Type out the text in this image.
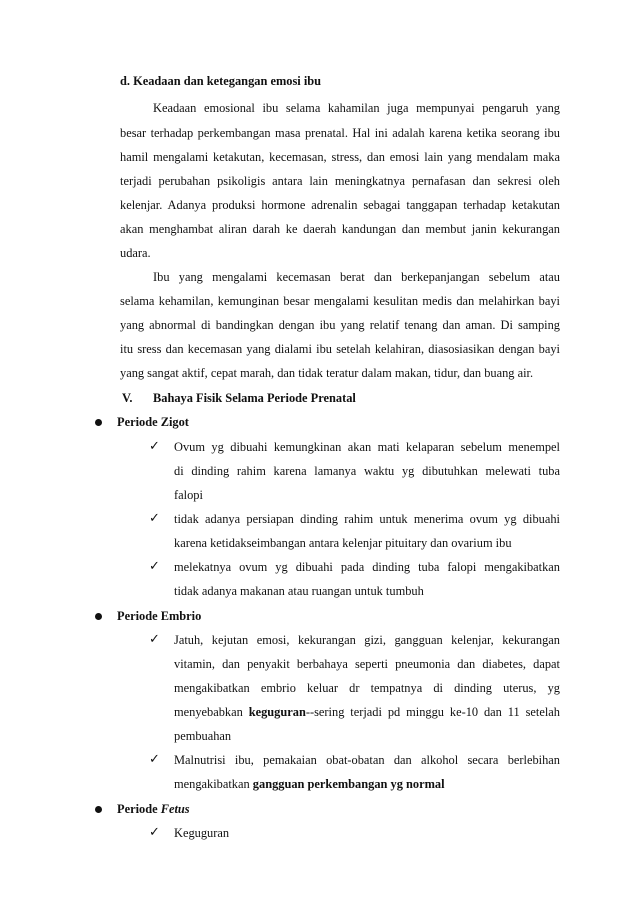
d. Keadaan dan ketegangan emosi ibu
Keadaan emosional ibu selama kahamilan juga mempunyai pengaruh yang
besar terhadap perkembangan masa prenatal. Hal ini adalah karena ketika seorang ibu
hamil mengalami ketakutan, kecemasan, stress, dan emosi lain yang mendalam maka
terjadi perubahan psikoligis antara lain meningkatnya pernafasan dan sekresi oleh
kelenjar. Adanya produksi hormone adrenalin sebagai tanggapan terhadap ketakutan
akan menghambat aliran darah ke daerah kandungan dan membut janin kekurangan
udara.
Ibu yang mengalami kecemasan berat dan berkepanjangan sebelum atau
selama kehamilan, kemunginan besar mengalami kesulitan medis dan melahirkan bayi
yang abnormal di bandingkan dengan ibu yang relatif tenang dan aman. Di samping
itu sress dan kecemasan yang dialami ibu setelah kelahiran, diasosiasikan dengan bayi
yang sangat aktif, cepat marah, dan tidak teratur dalam makan, tidur, dan buang air.
V. Bahaya Fisik Selama Periode Prenatal
Periode Zigot
✓ Ovum yg dibuahi kemungkinan akan mati kelaparan sebelum menempel
di dinding rahim karena lamanya waktu yg dibutuhkan melewati tuba
falopi
✓ tidak adanya persiapan dinding rahim untuk menerima ovum yg dibuahi
karena ketidakseimbangan antara kelenjar pituitary dan ovarium ibu
✓ melekatnya ovum yg dibuahi pada dinding tuba falopi mengakibatkan
tidak adanya makanan atau ruangan untuk tumbuh
Periode Embrio
✓ Jatuh, kejutan emosi, kekurangan gizi, gangguan kelenjar, kekurangan
vitamin, dan penyakit berbahaya seperti pneumonia dan diabetes, dapat
mengakibatkan embrio keluar dr tempatnya di dinding uterus, yg
menyebabkan keguguran--sering terjadi pd minggu ke-10 dan 11 setelah
pembuahan
✓ Malnutrisi ibu, pemakaian obat-obatan dan alkohol secara berlebihan
mengakibatkan gangguan perkembangan yg normal
Periode Fetus
✓ Keguguran
